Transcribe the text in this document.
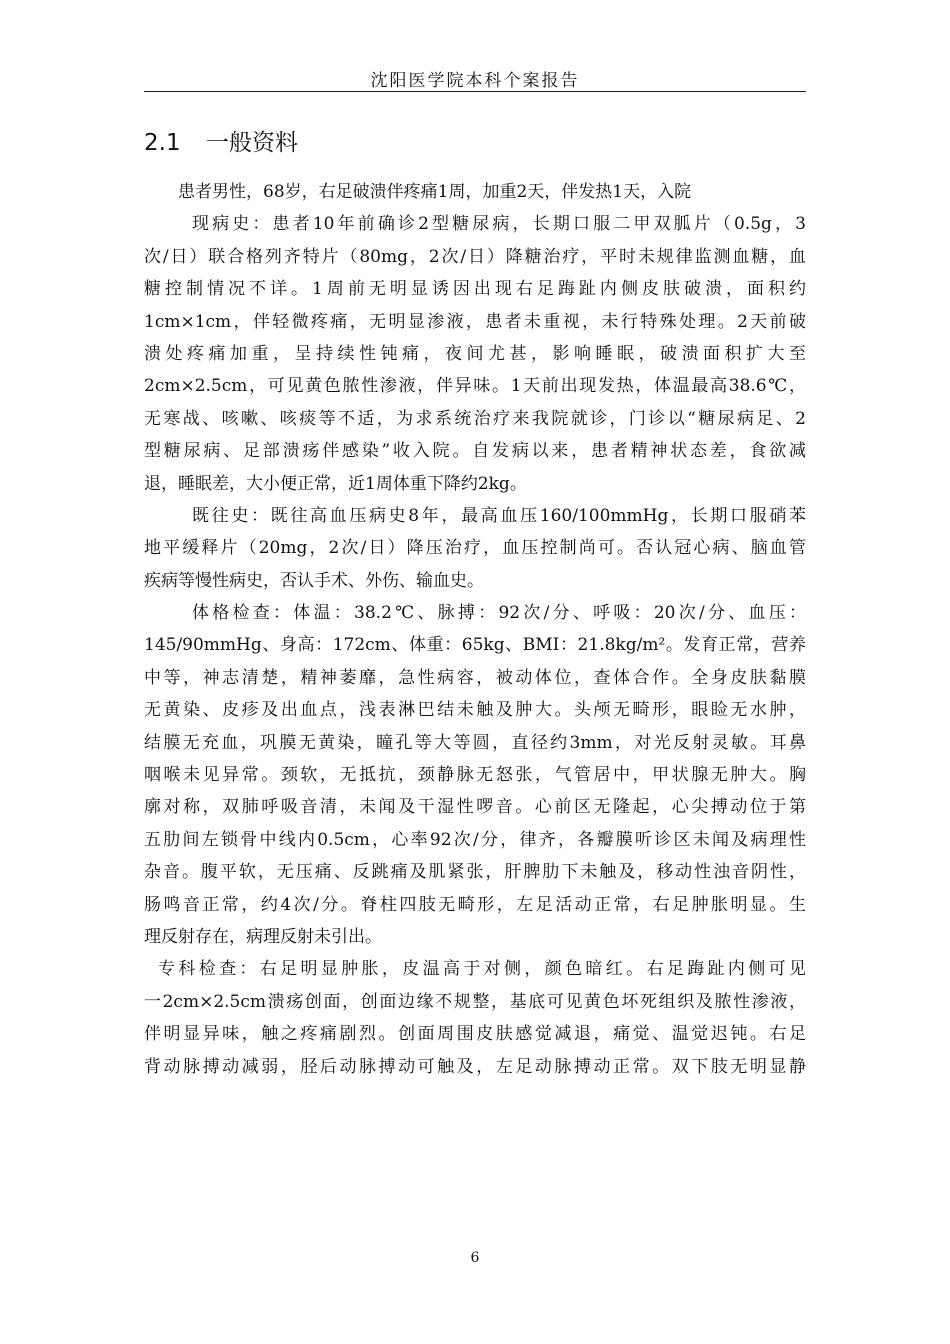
沈阳医学院本科个案报告
2.1 一般资料
患者男性，68岁，右足破溃伴疼痛1周，加重2天，伴发热1天，入院
现病史：患者10年前确诊2型糖尿病，长期口服二甲双胍片（0.5g，3
次/日）联合格列齐特片（80mg，2次/日）降糖治疗，平时未规律监测血糖，血
糖控制情况不详。1周前无明显诱因出现右足踇趾内侧皮肤破溃，面积约
1cm×1cm，伴轻微疼痛，无明显渗液，患者未重视，未行特殊处理。2天前破
溃处疼痛加重，呈持续性钝痛，夜间尤甚，影响睡眠，破溃面积扩大至
2cm×2.5cm，可见黄色脓性渗液，伴异味。1天前出现发热，体温最高38.6℃，
无寒战、咳嗽、咳痰等不适，为求系统治疗来我院就诊，门诊以“糖尿病足、2
型糖尿病、足部溃疡伴感染”收入院。自发病以来，患者精神状态差，食欲减
退，睡眠差，大小便正常，近1周体重下降约2kg。
既往史：既往高血压病史8年，最高血压160/100mmHg，长期口服硝苯
地平缓释片（20mg，2次/日）降压治疗，血压控制尚可。否认冠心病、脑血管
疾病等慢性病史，否认手术、外伤、输血史。
体格检查：体温：38.2℃、脉搏：92次/分、呼吸：20次/分、血压：
145/90mmHg、身高：172cm、体重：65kg、BMI：21.8kg/m²。发育正常，营养
中等，神志清楚，精神萎靡，急性病容，被动体位，查体合作。全身皮肤黏膜
无黄染、皮疹及出血点，浅表淋巴结未触及肿大。头颅无畸形，眼睑无水肿，
结膜无充血，巩膜无黄染，瞳孔等大等圆，直径约3mm，对光反射灵敏。耳鼻
咽喉未见异常。颈软，无抵抗，颈静脉无怒张，气管居中，甲状腺无肿大。胸
廓对称，双肺呼吸音清，未闻及干湿性啰音。心前区无隆起，心尖搏动位于第
五肋间左锁骨中线内0.5cm，心率92次/分，律齐，各瓣膜听诊区未闻及病理性
杂音。腹平软，无压痛、反跳痛及肌紧张，肝脾肋下未触及，移动性浊音阴性，
肠鸣音正常，约4次/分。脊柱四肢无畸形，左足活动正常，右足肿胀明显。生
理反射存在，病理反射未引出。
专科检查：右足明显肿胀，皮温高于对侧，颜色暗红。右足踇趾内侧可见
一2cm×2.5cm溃疡创面，创面边缘不规整，基底可见黄色坏死组织及脓性渗液，
伴明显异味，触之疼痛剧烈。创面周围皮肤感觉减退，痛觉、温觉迟钝。右足
背动脉搏动减弱，胫后动脉搏动可触及，左足动脉搏动正常。双下肢无明显静
6
